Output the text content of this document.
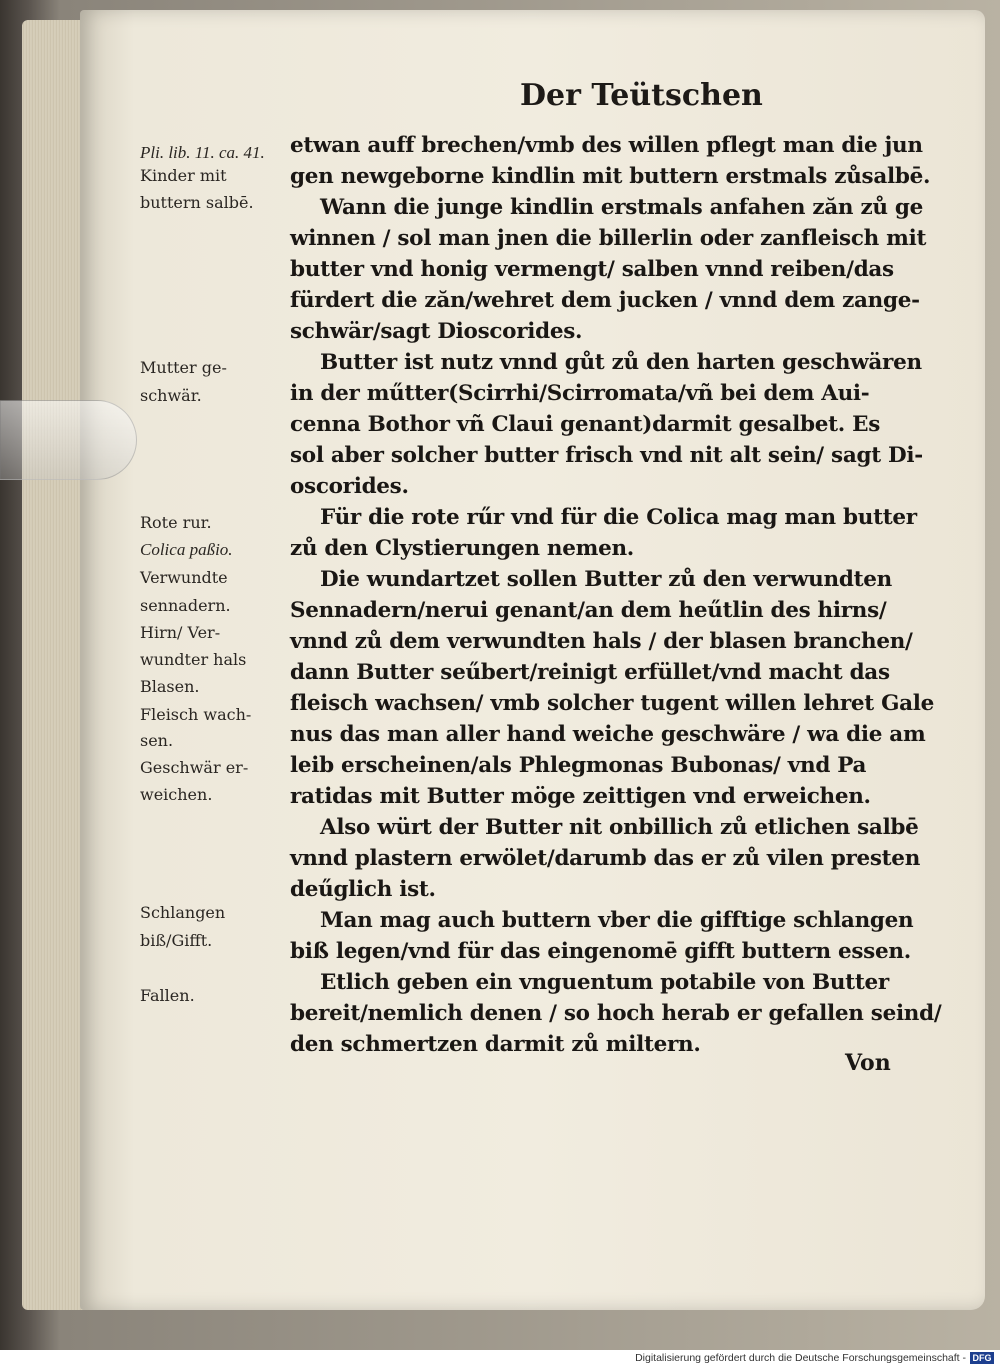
Der Teütschen
Pli. lib. 11. ca. 41.
Kinder mit
buttern salbē.
Mutter ge-
schwär.
Rote rur.
Colica paßio.
Verwundte
sennadern.
Hirn/ Ver-
wundter hals
Blasen.
Fleisch wach-
sen.
Geschwär er-
weichen.
Schlangen
biß/Gifft.
Fallen.
etwan auff brechen/vmb des willen pflegt man die jun
gen newgeborne kindlin mit buttern erstmals zůsalbē.
Wann die junge kindlin erstmals anfahen zăn zů ge
winnen / sol man jnen die billerlin oder zanfleisch mit
butter vnd honig vermengt/ salben vnnd reiben/das
fürdert die zăn/wehret dem jucken / vnnd dem zange-
schwär/sagt Dioscorides.
Butter ist nutz vnnd gůt zů den harten geschwären
in der műtter(Scirrhi/Scirromata/vñ bei dem Aui-
cenna Bothor vñ Claui genant)darmit gesalbet. Es
sol aber solcher butter frisch vnd nit alt sein/ sagt Di-
oscorides.
Für die rote rűr vnd für die Colica mag man butter
zů den Clystierungen nemen.
Die wundartzet sollen Butter zů den verwundten
Sennadern/nerui genant/an dem heűtlin des hirns/
vnnd zů dem verwundten hals / der blasen branchen/
dann Butter seűbert/reinigt erfüllet/vnd macht das
fleisch wachsen/ vmb solcher tugent willen lehret Gale
nus das man aller hand weiche geschwäre / wa die am
leib erscheinen/als Phlegmonas Bubonas/ vnd Pa
ratidas mit Butter möge zeittigen vnd erweichen.
Also würt der Butter nit onbillich zů etlichen salbē
vnnd plastern erwölet/darumb das er zů vilen presten
deűglich ist.
Man mag auch buttern vber die gifftige schlangen
biß legen/vnd für das eingenomē gifft buttern essen.
Etlich geben ein vnguentum potabile von Butter
bereit/nemlich denen / so hoch herab er gefallen seind/
den schmertzen darmit zů miltern.
Von
Digitalisierung gefördert durch die Deutsche Forschungsgemeinschaft - DFG
